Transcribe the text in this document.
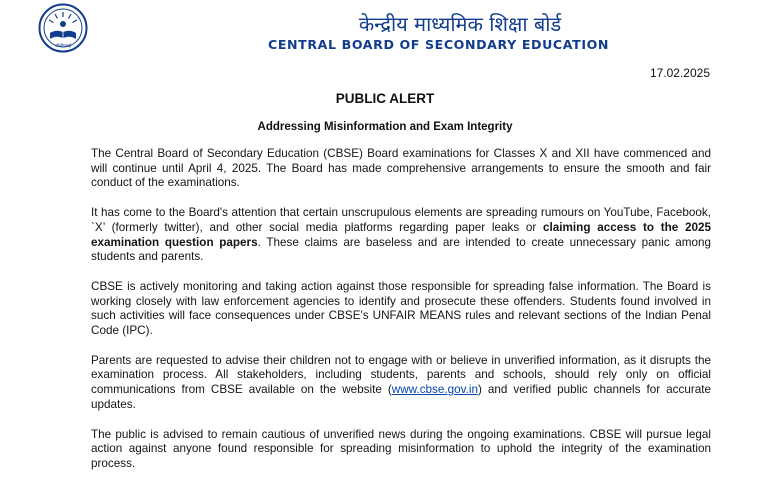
सीबीएसई
केन्द्रीय माध्यमिक शिक्षा बोर्ड
CENTRAL BOARD OF SECONDARY EDUCATION
17.02.2025
PUBLIC ALERT
Addressing Misinformation and Exam Integrity

The Central Board of Secondary Education (CBSE) Board examinations for Classes X and XII have commenced and will continue until April 4, 2025. The Board has made comprehensive arrangements to ensure the smooth and fair conduct of the examinations.

It has come to the Board's attention that certain unscrupulous elements are spreading rumours on YouTube, Facebook, `X’ (formerly twitter), and other social media platforms regarding paper leaks or claiming access to the 2025 examination question papers. These claims are baseless and are intended to create unnecessary panic among students and parents.

CBSE is actively monitoring and taking action against those responsible for spreading false information. The Board is working closely with law enforcement agencies to identify and prosecute these offenders. Students found involved in such activities will face consequences under CBSE's UNFAIR MEANS rules and relevant sections of the Indian Penal Code (IPC).

Parents are requested to advise their children not to engage with or believe in unverified information, as it disrupts the examination process. All stakeholders, including students, parents and schools, should rely only on official communications from CBSE available on the website (www.cbse.gov.in) and verified public channels for accurate updates.

The public is advised to remain cautious of unverified news during the ongoing examinations. CBSE will pursue legal action against anyone found responsible for spreading misinformation to uphold the integrity of the examination process.
